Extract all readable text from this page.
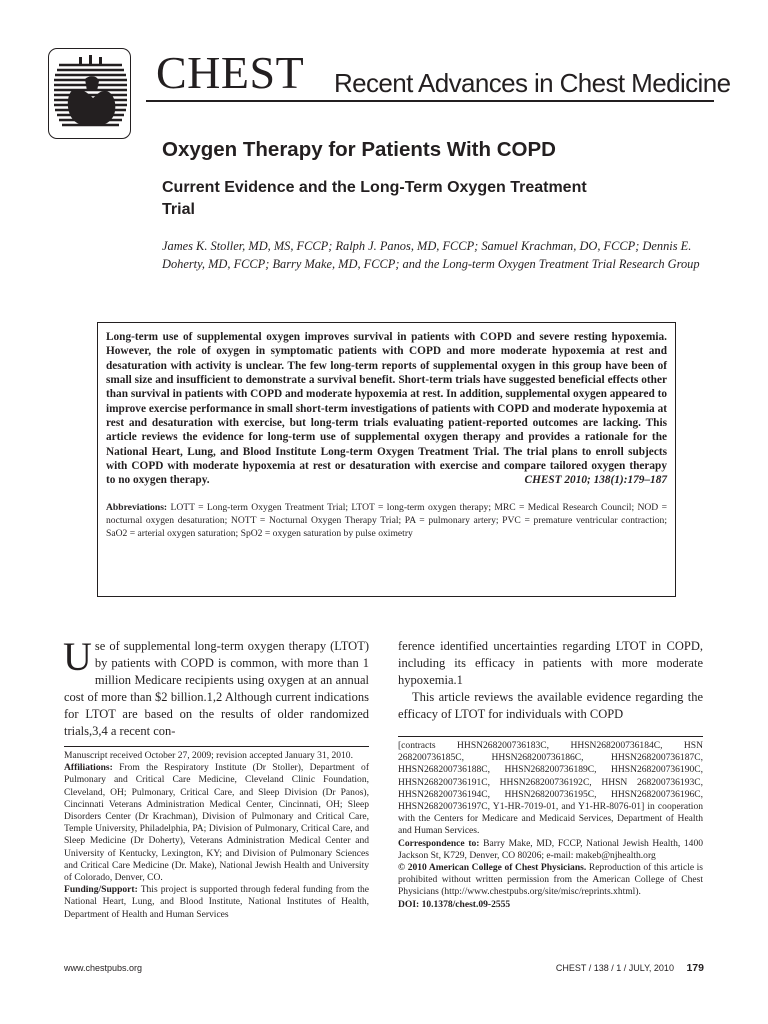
CHEST Recent Advances in Chest Medicine
Oxygen Therapy for Patients With COPD
Current Evidence and the Long-Term Oxygen Treatment Trial
James K. Stoller, MD, MS, FCCP; Ralph J. Panos, MD, FCCP; Samuel Krachman, DO, FCCP; Dennis E. Doherty, MD, FCCP; Barry Make, MD, FCCP; and the Long-term Oxygen Treatment Trial Research Group
Long-term use of supplemental oxygen improves survival in patients with COPD and severe resting hypoxemia. However, the role of oxygen in symptomatic patients with COPD and more moderate hypoxemia at rest and desaturation with activity is unclear. The few long-term reports of supplemental oxygen in this group have been of small size and insufficient to demonstrate a survival benefit. Short-term trials have suggested beneficial effects other than survival in patients with COPD and moderate hypoxemia at rest. In addition, supplemental oxygen appeared to improve exercise performance in small short-term investigations of patients with COPD and moderate hypoxemia at rest and desaturation with exercise, but long-term trials evaluating patient-reported outcomes are lacking. This article reviews the evidence for long-term use of supplemental oxygen therapy and provides a rationale for the National Heart, Lung, and Blood Institute Long-term Oxygen Treatment Trial. The trial plans to enroll subjects with COPD with moderate hypoxemia at rest or desaturation with exercise and compare tailored oxygen therapy
to no oxygen therapy.	CHEST 2010; 138(1):179–187
Abbreviations: LOTT = Long-term Oxygen Treatment Trial; LTOT = long-term oxygen therapy; MRC = Medical Research Council; NOD = nocturnal oxygen desaturation; NOTT = Nocturnal Oxygen Therapy Trial; PA = pulmonary artery; PVC = premature ventricular contraction; SaO2 = arterial oxygen saturation; SpO2 = oxygen saturation by pulse oximetry
U se of supplemental long-term oxygen therapy (LTOT) by patients with COPD is common, with more than 1 million Medicare recipients using oxygen at an annual cost of more than $2 billion.1,2 Although current indications for LTOT are based on the results of older randomized trials,3,4 a recent con-
ference identified uncertainties regarding LTOT in COPD, including its efficacy in patients with more moderate hypoxemia.1
This article reviews the available evidence regarding the efficacy of LTOT for individuals with COPD
Manuscript received October 27, 2009; revision accepted January 31, 2010.
Affiliations: From the Respiratory Institute (Dr Stoller), Department of Pulmonary and Critical Care Medicine, Cleveland Clinic Foundation, Cleveland, OH; Pulmonary, Critical Care, and Sleep Division (Dr Panos), Cincinnati Veterans Administration Medical Center, Cincinnati, OH; Sleep Disorders Center (Dr Krachman), Division of Pulmonary and Critical Care, Temple University, Philadelphia, PA; Division of Pulmonary, Critical Care, and Sleep Medicine (Dr Doherty), Veterans Administration Medical Center and University of Kentucky, Lexington, KY; and Division of Pulmonary Sciences and Critical Care Medicine (Dr. Make), National Jewish Health and University of Colorado, Denver, CO.
Funding/Support: This project is supported through federal funding from the National Heart, Lung, and Blood Institute, National Institutes of Health, Department of Health and Human Services
[contracts HHSN268200736183C, HHSN268200736184C, HSN 268200736185C, HHSN268200736186C, HHSN268200736187C, HHSN268200736188C, HHSN268200736189C, HHSN268200736190C, HHSN268200736191C, HHSN268200736192C, HHSN 268200736193C, HHSN268200736194C, HHSN268200736195C, HHSN268200736196C, HHSN268200736197C, Y1-HR-7019-01, and Y1-HR-8076-01] in cooperation with the Centers for Medicare and Medicaid Services, Department of Health and Human Services.
Correspondence to: Barry Make, MD, FCCP, National Jewish Health, 1400 Jackson St, K729, Denver, CO 80206; e-mail: makeb@njhealth.org
© 2010 American College of Chest Physicians. Reproduction of this article is prohibited without written permission from the American College of Chest Physicians (http://www.chestpubs.org/site/misc/reprints.xhtml).
DOI: 10.1378/chest.09-2555
www.chestpubs.org	CHEST / 138 / 1 / JULY, 2010 179
